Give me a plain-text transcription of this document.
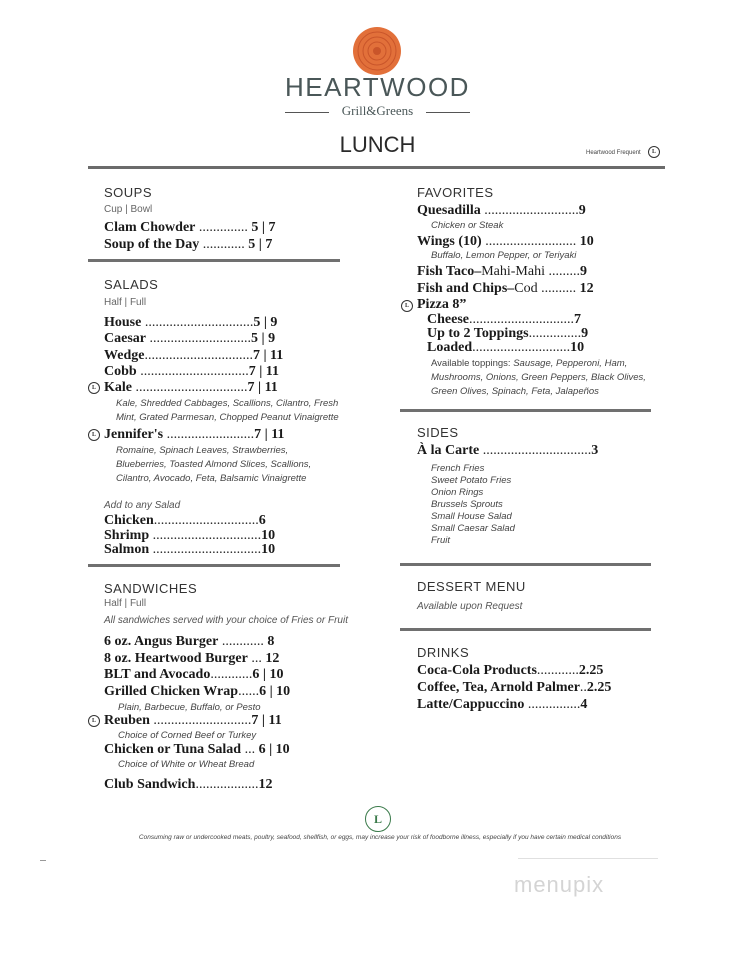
HEARTWOOD
Grill&Greens
LUNCH	Heartwood Frequent	L
SOUPS
Cup | Bowl
Clam Chowder .............. 5 | 7
Soup of the Day ............ 5 | 7
SALADS
Half | Full
House ...............................5 | 9
Caesar .............................5 | 9
Wedge...............................7 | 11
Cobb ...............................7 | 11
L Kale ................................7 | 11
Kale, Shredded Cabbages, Scallions, Cilantro, Fresh
Mint, Grated Parmesan, Chopped Peanut Vinaigrette
L Jennifer's .........................7 | 11
Romaine, Spinach Leaves, Strawberries,
Blueberries, Toasted Almond Slices, Scallions,
Cilantro, Avocado, Feta, Balsamic Vinaigrette
Add to any Salad
Chicken..............................6
Shrimp ...............................10
Salmon ...............................10
SANDWICHES
Half | Full
All sandwiches served with your choice of Fries or Fruit
6 oz. Angus Burger ............ 8
8 oz. Heartwood Burger ... 12
BLT and Avocado............6 | 10
Grilled Chicken Wrap......6 | 10
Plain, Barbecue, Buffalo, or Pesto
L Reuben ............................7 | 11
Choice of Corned Beef or Turkey
Chicken or Tuna Salad ... 6 | 10
Choice of White or Wheat Bread
Club Sandwich..................12
FAVORITES
Quesadilla ...........................9
Chicken or Steak
Wings (10) .......................... 10
Buffalo, Lemon Pepper, or Teriyaki
Fish Taco–Mahi-Mahi .........9
Fish and Chips–Cod .......... 12
L Pizza 8”
Cheese..............................7
Up to 2 Toppings...............9
Loaded............................10
Available toppings: Sausage, Pepperoni, Ham,
Mushrooms, Onions, Green Peppers, Black Olives,
Green Olives, Spinach, Feta, Jalapeños
SIDES
À la Carte ...............................3
French Fries
Sweet Potato Fries
Onion Rings
Brussels Sprouts
Small House Salad
Small Caesar Salad
Fruit
DESSERT MENU
Available upon Request
DRINKS
Coca-Cola Products............2.25
Coffee, Tea, Arnold Palmer..2.25
Latte/Cappuccino ...............4
L
Consuming raw or undercooked meats, poultry, seafood, shellfish, or eggs, may increase your risk of foodborne illness, especially if you have certain medical conditions
menupix
